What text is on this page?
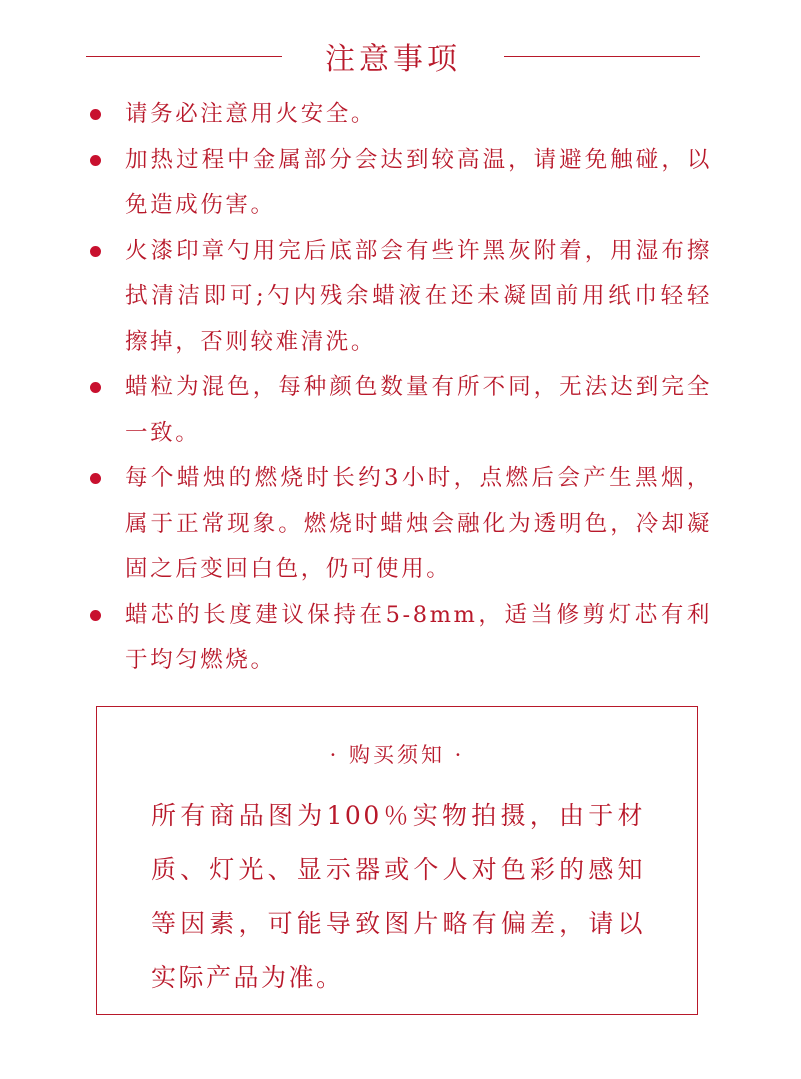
注意事项
请务必注意用火安全。
加热过程中金属部分会达到较高温，请避免触碰，以免造成伤害。
火漆印章勺用完后底部会有些许黑灰附着，用湿布擦拭清洁即可;勺内残余蜡液在还未凝固前用纸巾轻轻擦掉，否则较难清洗。
蜡粒为混色，每种颜色数量有所不同，无法达到完全一致。
每个蜡烛的燃烧时长约3小时，点燃后会产生黑烟，属于正常现象。燃烧时蜡烛会融化为透明色，冷却凝固之后变回白色，仍可使用。
蜡芯的长度建议保持在5-8mm，适当修剪灯芯有利于均匀燃烧。
· 购买须知 ·
所有商品图为100％实物拍摄，由于材质、灯光、显示器或个人对色彩的感知等因素，可能导致图片略有偏差，请以实际产品为准。
